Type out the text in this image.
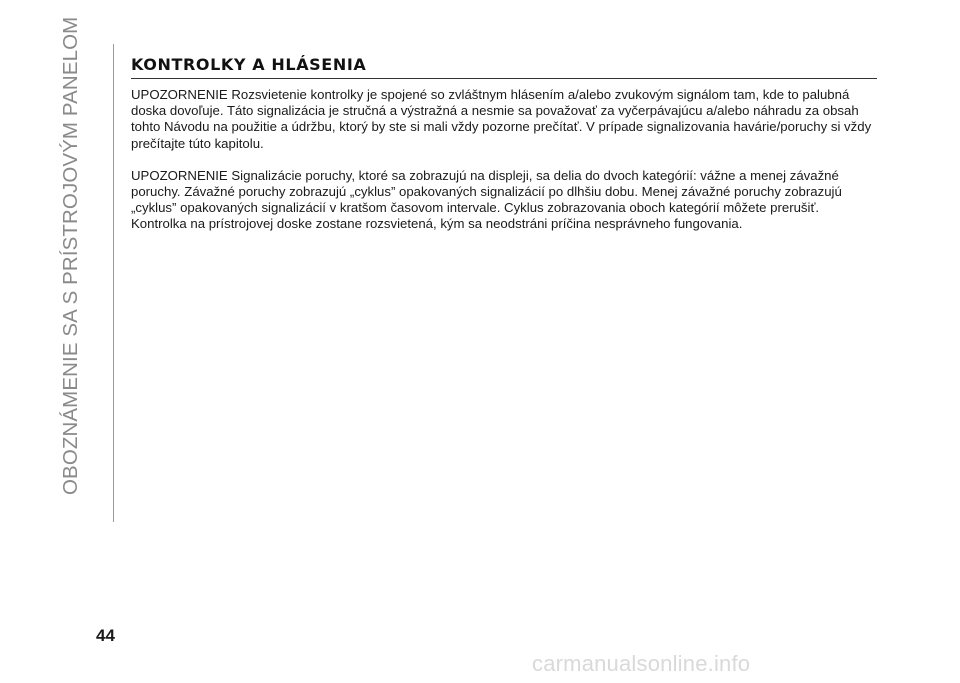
OBOZNÁMENIE SA S PRÍSTROJOVÝM PANELOM	KONTROLKY A HLÁSENIA

UPOZORNENIE Rozsvietenie kontrolky je spojené so zvláštnym hlásením a/alebo zvukovým signálom tam, kde to palubná doska dovoľuje. Táto signalizácia je stručná a výstražná a nesmie sa považovať za vyčerpávajúcu a/alebo náhradu za obsah tohto Návodu na použitie a údržbu, ktorý by ste si mali vždy pozorne prečítať. V prípade signalizovania havárie/poruchy si vždy prečítajte túto kapitolu.

UPOZORNENIE Signalizácie poruchy, ktoré sa zobrazujú na displeji, sa delia do dvoch kategórií: vážne a menej závažné poruchy. Závažné poruchy zobrazujú „cyklus” opakovaných signalizácií po dlhšiu dobu. Menej závažné poruchy zobrazujú „cyklus” opakovaných signalizácií v kratšom časovom intervale. Cyklus zobrazovania oboch kategórií môžete prerušiť. Kontrolka na prístrojovej doske zostane rozsvietená, kým sa neodstráni príčina nesprávneho fungovania.

44
carmanualsonline.info
